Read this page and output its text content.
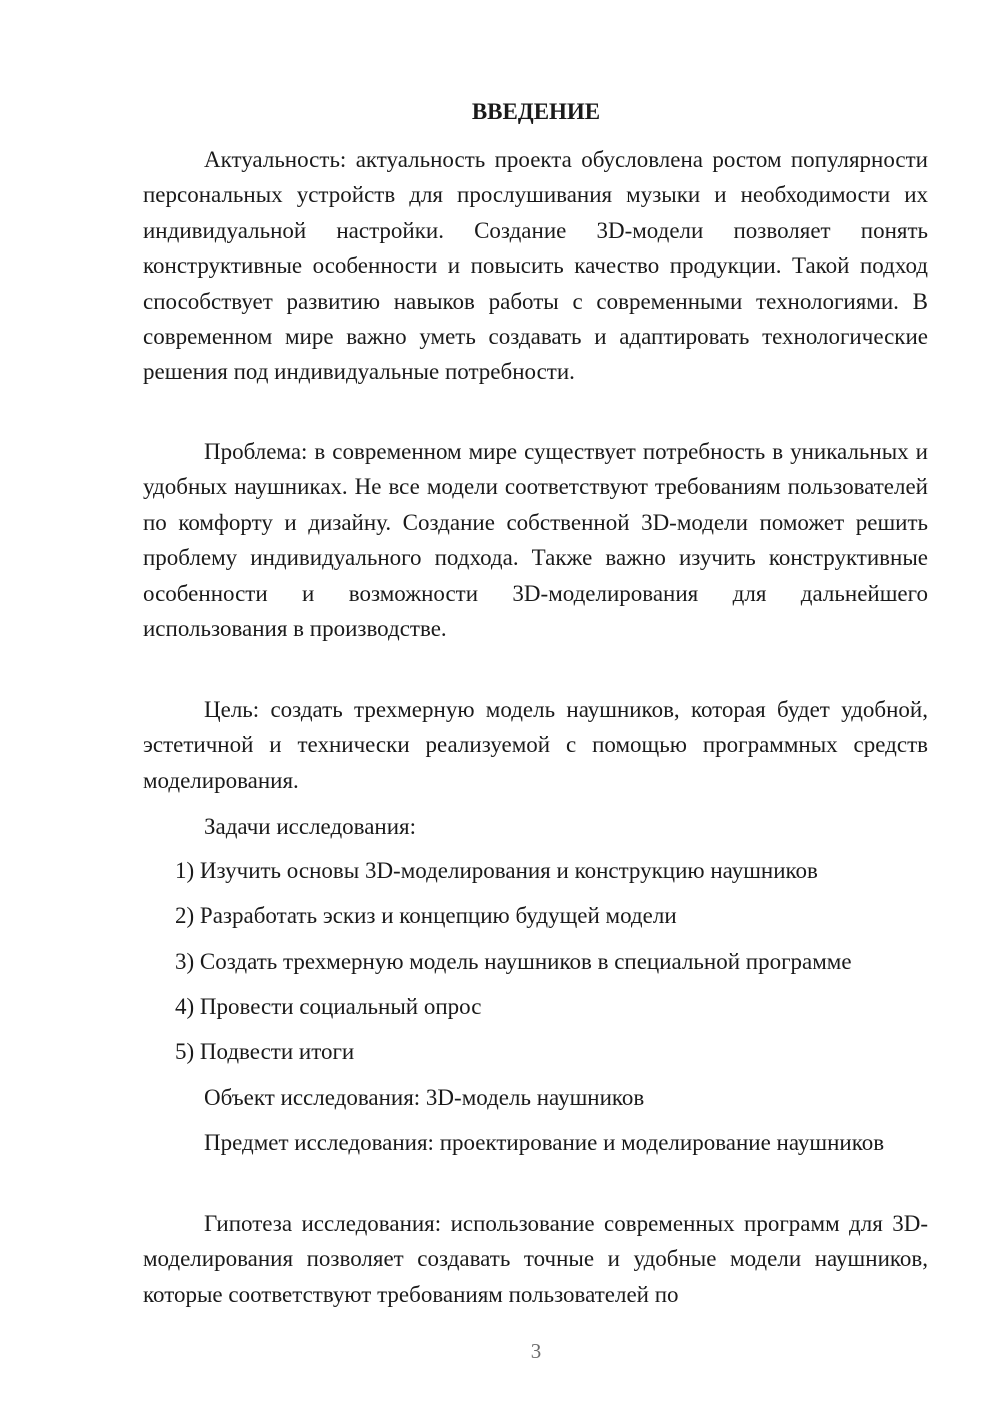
ВВЕДЕНИЕ

Актуальность: актуальность проекта обусловлена ростом популярности персональных устройств для прослушивания музыки и необходимости их индивидуальной настройки. Создание 3D-модели позволяет понять конструктивные особенности и повысить качество продукции. Такой подход способствует развитию навыков работы с современными технологиями. В современном мире важно уметь создавать и адаптировать технологические решения под индивидуальные потребности.

Проблема: в современном мире существует потребность в уникальных и удобных наушниках. Не все модели соответствуют требованиям пользователей по комфорту и дизайну. Создание собственной 3D-модели поможет решить проблему индивидуального подхода. Также важно изучить конструктивные особенности и возможности 3D-моделирования для дальнейшего использования в производстве.

Цель: создать трехмерную модель наушников, которая будет удобной, эстетичной и технически реализуемой с помощью программных средств моделирования.

Задачи исследования:

1) Изучить основы 3D-моделирования и конструкцию наушников

2) Разработать эскиз и концепцию будущей модели

3) Создать трехмерную модель наушников в специальной программе

4) Провести социальный опрос

5) Подвести итоги

Объект исследования: 3D-модель наушников

Предмет исследования: проектирование и моделирование наушников

Гипотеза исследования: использование современных программ для 3D-моделирования позволяет создавать точные и удобные модели наушников, которые соответствуют требованиям пользователей по

3
